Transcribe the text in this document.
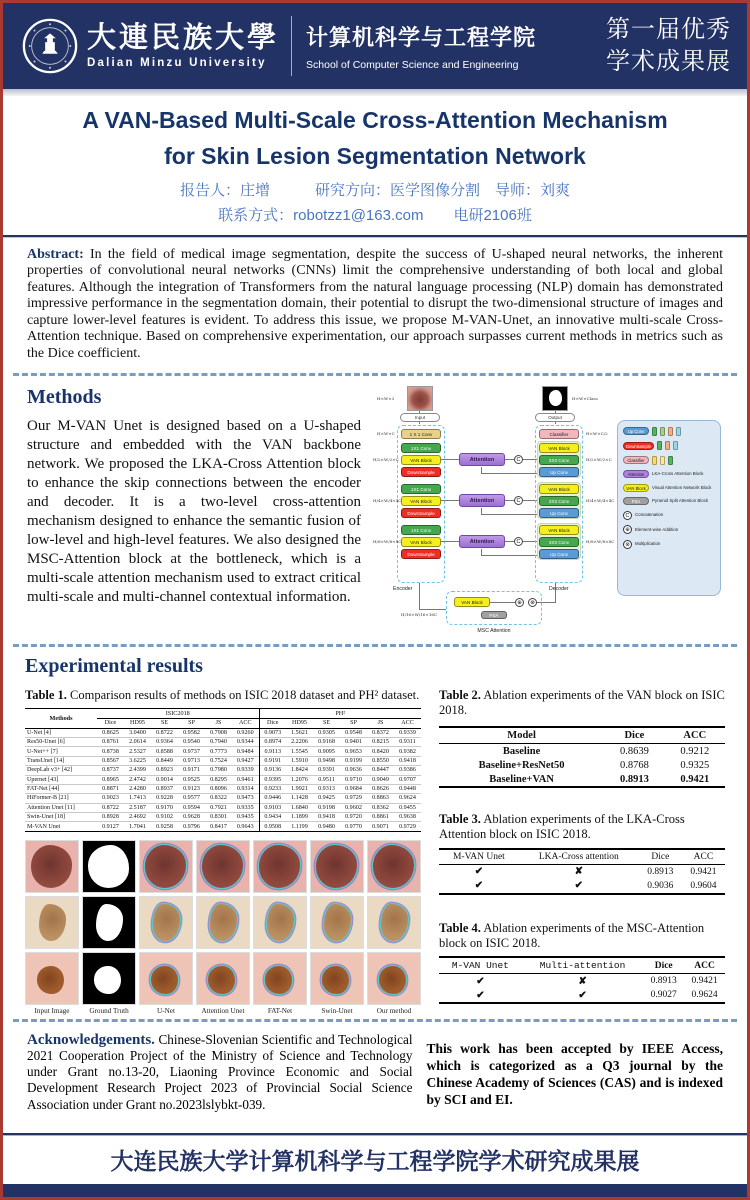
大連民族大學
Dalian Minzu University
计算机科学与工程学院
School of Computer Science and Engineering
第一届优秀
学术成果展
A VAN-Based Multi-Scale Cross-Attention Mechanism
for Skin Lesion Segmentation Network
报告人：庄增　　　研究方向：医学图像分割　导师：刘爽
联系方式：robotzz1@163.com　　电研2106班

Abstract: In the field of medical image segmentation, despite the success of U-shaped neural networks, the inherent properties of convolutional neural networks (CNNs) limit the comprehensive understanding of both local and global features. Although the integration of Transformers from the natural language processing (NLP) domain has demonstrated impressive performance in the segmentation domain, their potential to disrupt the two-dimensional structure of images and capture lower-level features is evident. To address this issue, we propose M-VAN-Unet, an innovative multi-scale Cross-Attention technique. Based on comprehensive experimentation, our approach surpasses current methods in metrics such as the Dice coefficient.

Methods

Our M-VAN Unet is designed based on a U-shaped structure and embedded with the VAN backbone network. We proposed the LKA-Cross Attention block to enhance the skip connections between the encoder and decoder. It is a two-level cross-attention mechanism designed to enhance the semantic fusion of low-level and high-level features. We also designed the MSC-Attention block at the bottleneck, which is a multi-scale attention mechanism used to extract critical multi-scale and multi-channel contextual information.

Input	Output
1 X 1 Conv
1X1 Conv
VAN Block
DownSample
1X1 Conv
VAN Block
DownSample
1X1 Conv
VAN Block
DownSample
Attention
Attention
Attention
C
C
C
Classifier
VAN Block
3X3 Conv
Up Conv
VAN Block
3X3 Conv
Up Conv
VAN Block
3X3 Conv
Up Conv
VAN Block
PSA
⊕	⊗
MSC Attention
Encoder	Decoder
H×W×3
H×W×C
H/2×W/2×C
H/4×W/4×4C
H/8×W/8×8C
H/16×W/16×16C
H×W×Class
H×W×C/2
H/2×W/2×C
H/4×W/4×4C
H/8×W/8×8C
Up Conv
DownSample
Classifier
Attention	LKA-Cross Attention Block
VAN Block	Visual Attention Network Block
PSA	Pyramid Split Attention Block
C	Concatenation
⊕	Element-wise Addition
⊗	Multiplication
Experimental results
Table 1. Comparison results of methods on ISIC 2018 dataset and PH² dataset.
Methods	ISIC2018						PH²					
	Dice	HD95	SE	SP	JS	ACC	Dice	HD95	SE	SP	JS	ACC
U-Net [4]	0.8625	3.0400	0.8722	0.9582	0.7908	0.9260	0.9073	1.5621	0.9305	0.9548	0.8372	0.9339
Res50-Unet [6]	0.8761	2.0614	0.9364	0.9540	0.7940	0.9344	0.8974	2.2206	0.9168	0.9401	0.8215	0.9311
U-Net++ [7]	0.8738	2.5327	0.8588	0.9737	0.7773	0.9484	0.9113	1.5545	0.9095	0.9653	0.8420	0.9382
TransUnet [14]	0.8567	3.6225	0.8449	0.9713	0.7524	0.9427	0.9191	1.5910	0.9498	0.9199	0.8550	0.9418
DeepLab v3+ [42]	0.8737	2.4399	0.8923	0.9171	0.7980	0.9339	0.9136	1.8424	0.9391	0.9636	0.8447	0.9386
Upernet [43]	0.8965	2.4742	0.9014	0.9525	0.8295	0.9461	0.9395	1.2076	0.9511	0.9710	0.9049	0.9707
FAT-Net [44]	0.8871	2.4280	0.8937	0.9123	0.8096	0.9314	0.9233	1.9921	0.9313	0.9684	0.8626	0.9448
HiFormer-B [21]	0.9023	1.7413	0.9228	0.9577	0.8322	0.9473	0.9446	1.1428	0.9425	0.9729	0.8863	0.9624
Attention Unet [11]	0.8722	2.5187	0.9170	0.9594	0.7921	0.9335	0.9103	1.6840	0.9198	0.9602	0.8362	0.9455
Swin-Unet [18]	0.8928	2.4692	0.9102	0.9628	0.8301	0.9435	0.9434	1.1899	0.9418	0.9720	0.8861	0.9638
M-VAN Unet	0.9127	1.7041	0.9258	0.9796	0.8417	0.9643	0.9508	1.1199	0.9480	0.9770	0.9071	0.9729
Input Image	Ground Truth	U-Net	Attention Unet	FAT-Net	Swin-Unet	Our method
Table 2. Ablation experiments of the VAN block on ISIC 2018.
Model	Dice	ACC
Baseline	0.8639	0.9212
Baseline+ResNet50	0.8768	0.9325
Baseline+VAN	0.8913	0.9421
Table 3. Ablation experiments of the LKA-Cross Attention block on ISIC 2018.
M-VAN Unet	LKA-Cross attention	Dice	ACC
✔	✘	0.8913	0.9421
✔	✔	0.9036	0.9604
Table 4. Ablation experiments of the MSC-Attention block on ISIC 2018.
M-VAN Unet	Multi-attention	Dice	ACC
✔	✘	0.8913	0.9421
✔	✔	0.9027	0.9624

Acknowledgements. Chinese-Slovenian Scientific and Technological 2021 Cooperation Project of the Ministry of Science and Technology under Grant no.13-20, Liaoning Province Economic and Social Development Research Project 2023 of Provincial Social Science Association under Grant no.2023lslybkt-039.

This work has been accepted by IEEE Access, which is categorized as a Q3 journal by the Chinese Academy of Sciences (CAS) and is indexed by SCI and EI.

大连民族大学计算机科学与工程学院学术研究成果展
